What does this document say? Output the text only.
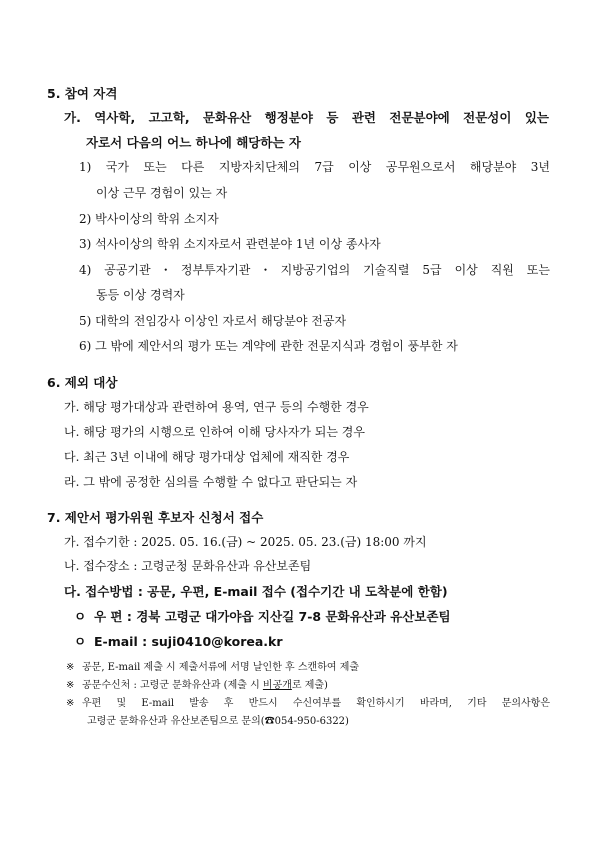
5. 참여 자격
가. 역사학, 고고학, 문화유산 행정분야 등 관련 전문분야에 전문성이 있는
자로서 다음의 어느 하나에 해당하는 자
1) 국가 또는 다른 지방자치단체의 7급 이상 공무원으로서 해당분야 3년
이상 근무 경험이 있는 자
2) 박사이상의 학위 소지자
3) 석사이상의 학위 소지자로서 관련분야 1년 이상 종사자
4) 공공기관・정부투자기관・지방공기업의 기술직렬 5급 이상 직원 또는
동등 이상 경력자
5) 대학의 전임강사 이상인 자로서 해당분야 전공자
6) 그 밖에 제안서의 평가 또는 계약에 관한 전문지식과 경험이 풍부한 자
6. 제외 대상
가. 해당 평가대상과 관련하여 용역, 연구 등의 수행한 경우
나. 해당 평가의 시행으로 인하여 이해 당사자가 되는 경우
다. 최근 3년 이내에 해당 평가대상 업체에 재직한 경우
라. 그 밖에 공정한 심의를 수행할 수 없다고 판단되는 자
7. 제안서 평가위원 후보자 신청서 접수
가. 접수기한 : 2025. 05. 16.(금) ~ 2025. 05. 23.(금) 18:00 까지
나. 접수장소 : 고령군청 문화유산과 유산보존팀
다. 접수방법 : 공문, 우편, E-mail 접수 (접수기간 내 도착분에 한함)
ㅇ 우 편 : 경북 고령군 대가야읍 지산길 7-8 문화유산과 유산보존팀
ㅇ E-mail : suji0410@korea.kr
※ 공문, E-mail 제출 시 제출서류에 서명 날인한 후 스캔하여 제출
※ 공문수신처 : 고령군 문화유산과 (제출 시 비공개로 제출)
※ 우편 및 E-mail 발송 후 반드시 수신여부를 확인하시기 바라며, 기타 문의사항은
고령군 문화유산과 유산보존팀으로 문의(☎054-950-6322)
